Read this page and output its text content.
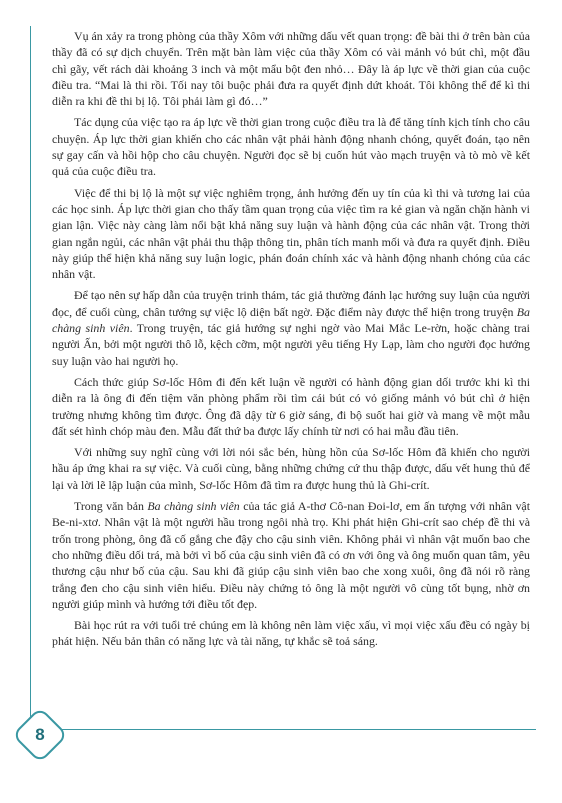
Vụ án xảy ra trong phòng của thầy Xôm với những dấu vết quan trọng: đề bài thi ở trên bàn của thầy đã có sự dịch chuyển. Trên mặt bàn làm việc của thầy Xôm có vài mảnh vỏ bút chì, một đầu chì gãy, vết rách dài khoảng 3 inch và một mẩu bột đen nhỏ… Đây là áp lực về thời gian của cuộc điều tra. “Mai là thi rồi. Tối nay tôi buộc phải đưa ra quyết định dứt khoát. Tôi không thể để kì thi diễn ra khi đề thi bị lộ. Tôi phải làm gì đó…”

Tác dụng của việc tạo ra áp lực về thời gian trong cuộc điều tra là để tăng tính kịch tính cho câu chuyện. Áp lực thời gian khiến cho các nhân vật phải hành động nhanh chóng, quyết đoán, tạo nên sự gay cấn và hồi hộp cho câu chuyện. Người đọc sẽ bị cuốn hút vào mạch truyện và tò mò về kết quả của cuộc điều tra.

Việc để thi bị lộ là một sự việc nghiêm trọng, ảnh hưởng đến uy tín của kì thi và tương lai của các học sinh. Áp lực thời gian cho thấy tầm quan trọng của việc tìm ra kẻ gian và ngăn chặn hành vi gian lận. Việc này càng làm nổi bật khả năng suy luận và hành động của các nhân vật. Trong thời gian ngắn ngủi, các nhân vật phải thu thập thông tin, phân tích manh mối và đưa ra quyết định. Điều này giúp thể hiện khả năng suy luận logic, phán đoán chính xác và hành động nhanh chóng của các nhân vật.

Để tạo nên sự hấp dẫn của truyện trinh thám, tác giả thường đánh lạc hướng suy luận của người đọc, để cuối cùng, chân tướng sự việc lộ diện bất ngờ. Đặc điểm này được thể hiện trong truyện Ba chàng sinh viên. Trong truyện, tác giả hướng sự nghi ngờ vào Mai Mắc Le-rờn, hoặc chàng trai người Ấn, bởi một người thô lỗ, kệch cỡm, một người yêu tiếng Hy Lạp, làm cho người đọc hướng suy luận vào hai người họ.

Cách thức giúp Sơ-lốc Hôm đi đến kết luận về người có hành động gian dối trước khi kì thi diễn ra là ông đi đến tiệm văn phòng phẩm rồi tìm cái bút có vỏ giống mảnh vỏ bút chì ở hiện trường nhưng không tìm được. Ông đã dậy từ 6 giờ sáng, đi bộ suốt hai giờ và mang về một mẫu đất sét hình chóp màu đen. Mẫu đất thứ ba được lấy chính từ nơi có hai mẫu đầu tiên.

Với những suy nghĩ cùng với lời nói sắc bén, hùng hồn của Sơ-lốc Hôm đã khiến cho người hầu áp ứng khai ra sự việc. Và cuối cùng, bằng những chứng cứ thu thập được, dấu vết hung thủ để lại và lời lẽ lập luận của mình, Sơ-lốc Hôm đã tìm ra được hung thủ là Ghi-crít.

Trong văn bản Ba chàng sinh viên của tác giả A-thơ Cô-nan Đoi-lơ, em ấn tượng với nhân vật Be-ni-xtơ. Nhân vật là một người hầu trong ngôi nhà trọ. Khi phát hiện Ghi-crít sao chép đề thi và trốn trong phòng, ông đã cố gắng che đậy cho cậu sinh viên. Không phải vì nhân vật muốn bao che cho những điều dối trá, mà bởi vì bố của cậu sinh viên đã có ơn với ông và ông muốn quan tâm, yêu thương cậu như bố của cậu. Sau khi đã giúp cậu sinh viên bao che xong xuôi, ông đã nói rõ ràng trắng đen cho cậu sinh viên hiểu. Điều này chứng tỏ ông là một người vô cùng tốt bụng, nhờ ơn người giúp mình và hướng tới điều tốt đẹp.

Bài học rút ra với tuổi trẻ chúng em là không nên làm việc xấu, vì mọi việc xấu đều có ngày bị phát hiện. Nếu bản thân có năng lực và tài năng, tự khắc sẽ toả sáng.

8
